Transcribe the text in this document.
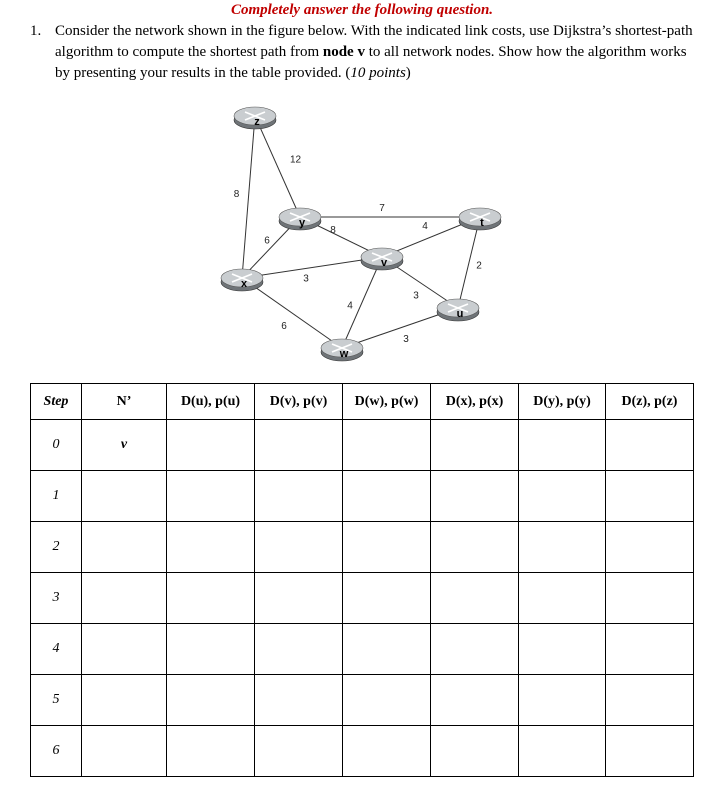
Completely answer the following question.
1. Consider the network shown in the figure below. With the indicated link costs, use Dijkstra’s shortest-path algorithm to compute the shortest path from node v to all network nodes. Show how the algorithm works by presenting your results in the table provided. (10 points)
8
12
6
7
8
3
6
4
3
4
2
3
z
y	t
v
x
u
w
Step	N’	D(u), p(u)	D(v), p(v)	D(w), p(w)	D(x), p(x)	D(y), p(y)	D(z), p(z)
0	v						
1							
2							
3							
4							
5							
6							
